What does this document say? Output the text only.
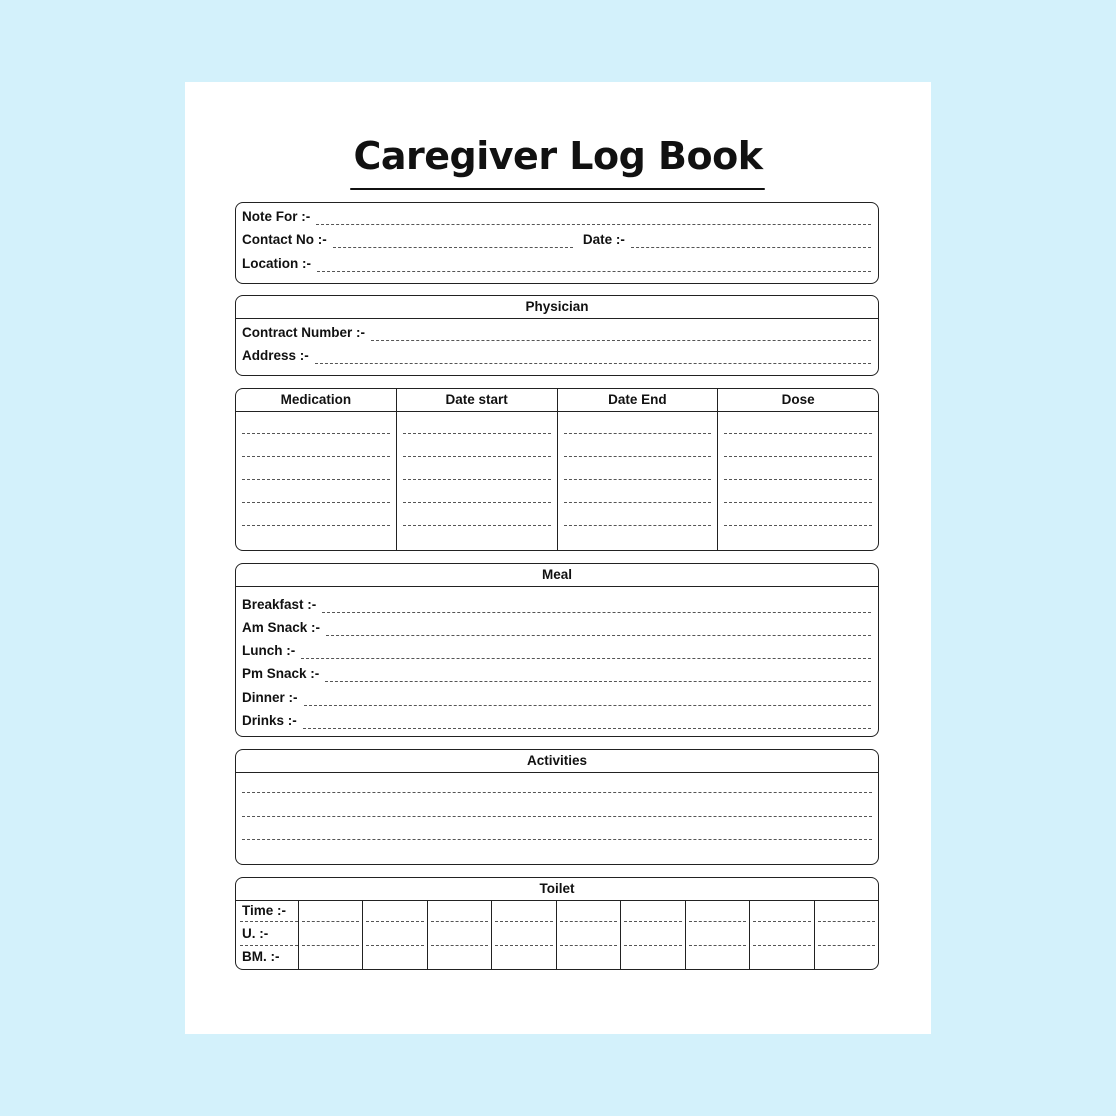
Caregiver Log Book
Note For :-
Contact No :-	Date :-
Location :-
Physician
Contract Number :-
Address :-
Medication	Date start	Date End	Dose
Meal
Breakfast :-
Am Snack :-
Lunch :-
Pm Snack :-
Dinner :-
Drinks :-
Activities
Toilet
Time :-
U. :-
BM. :-
